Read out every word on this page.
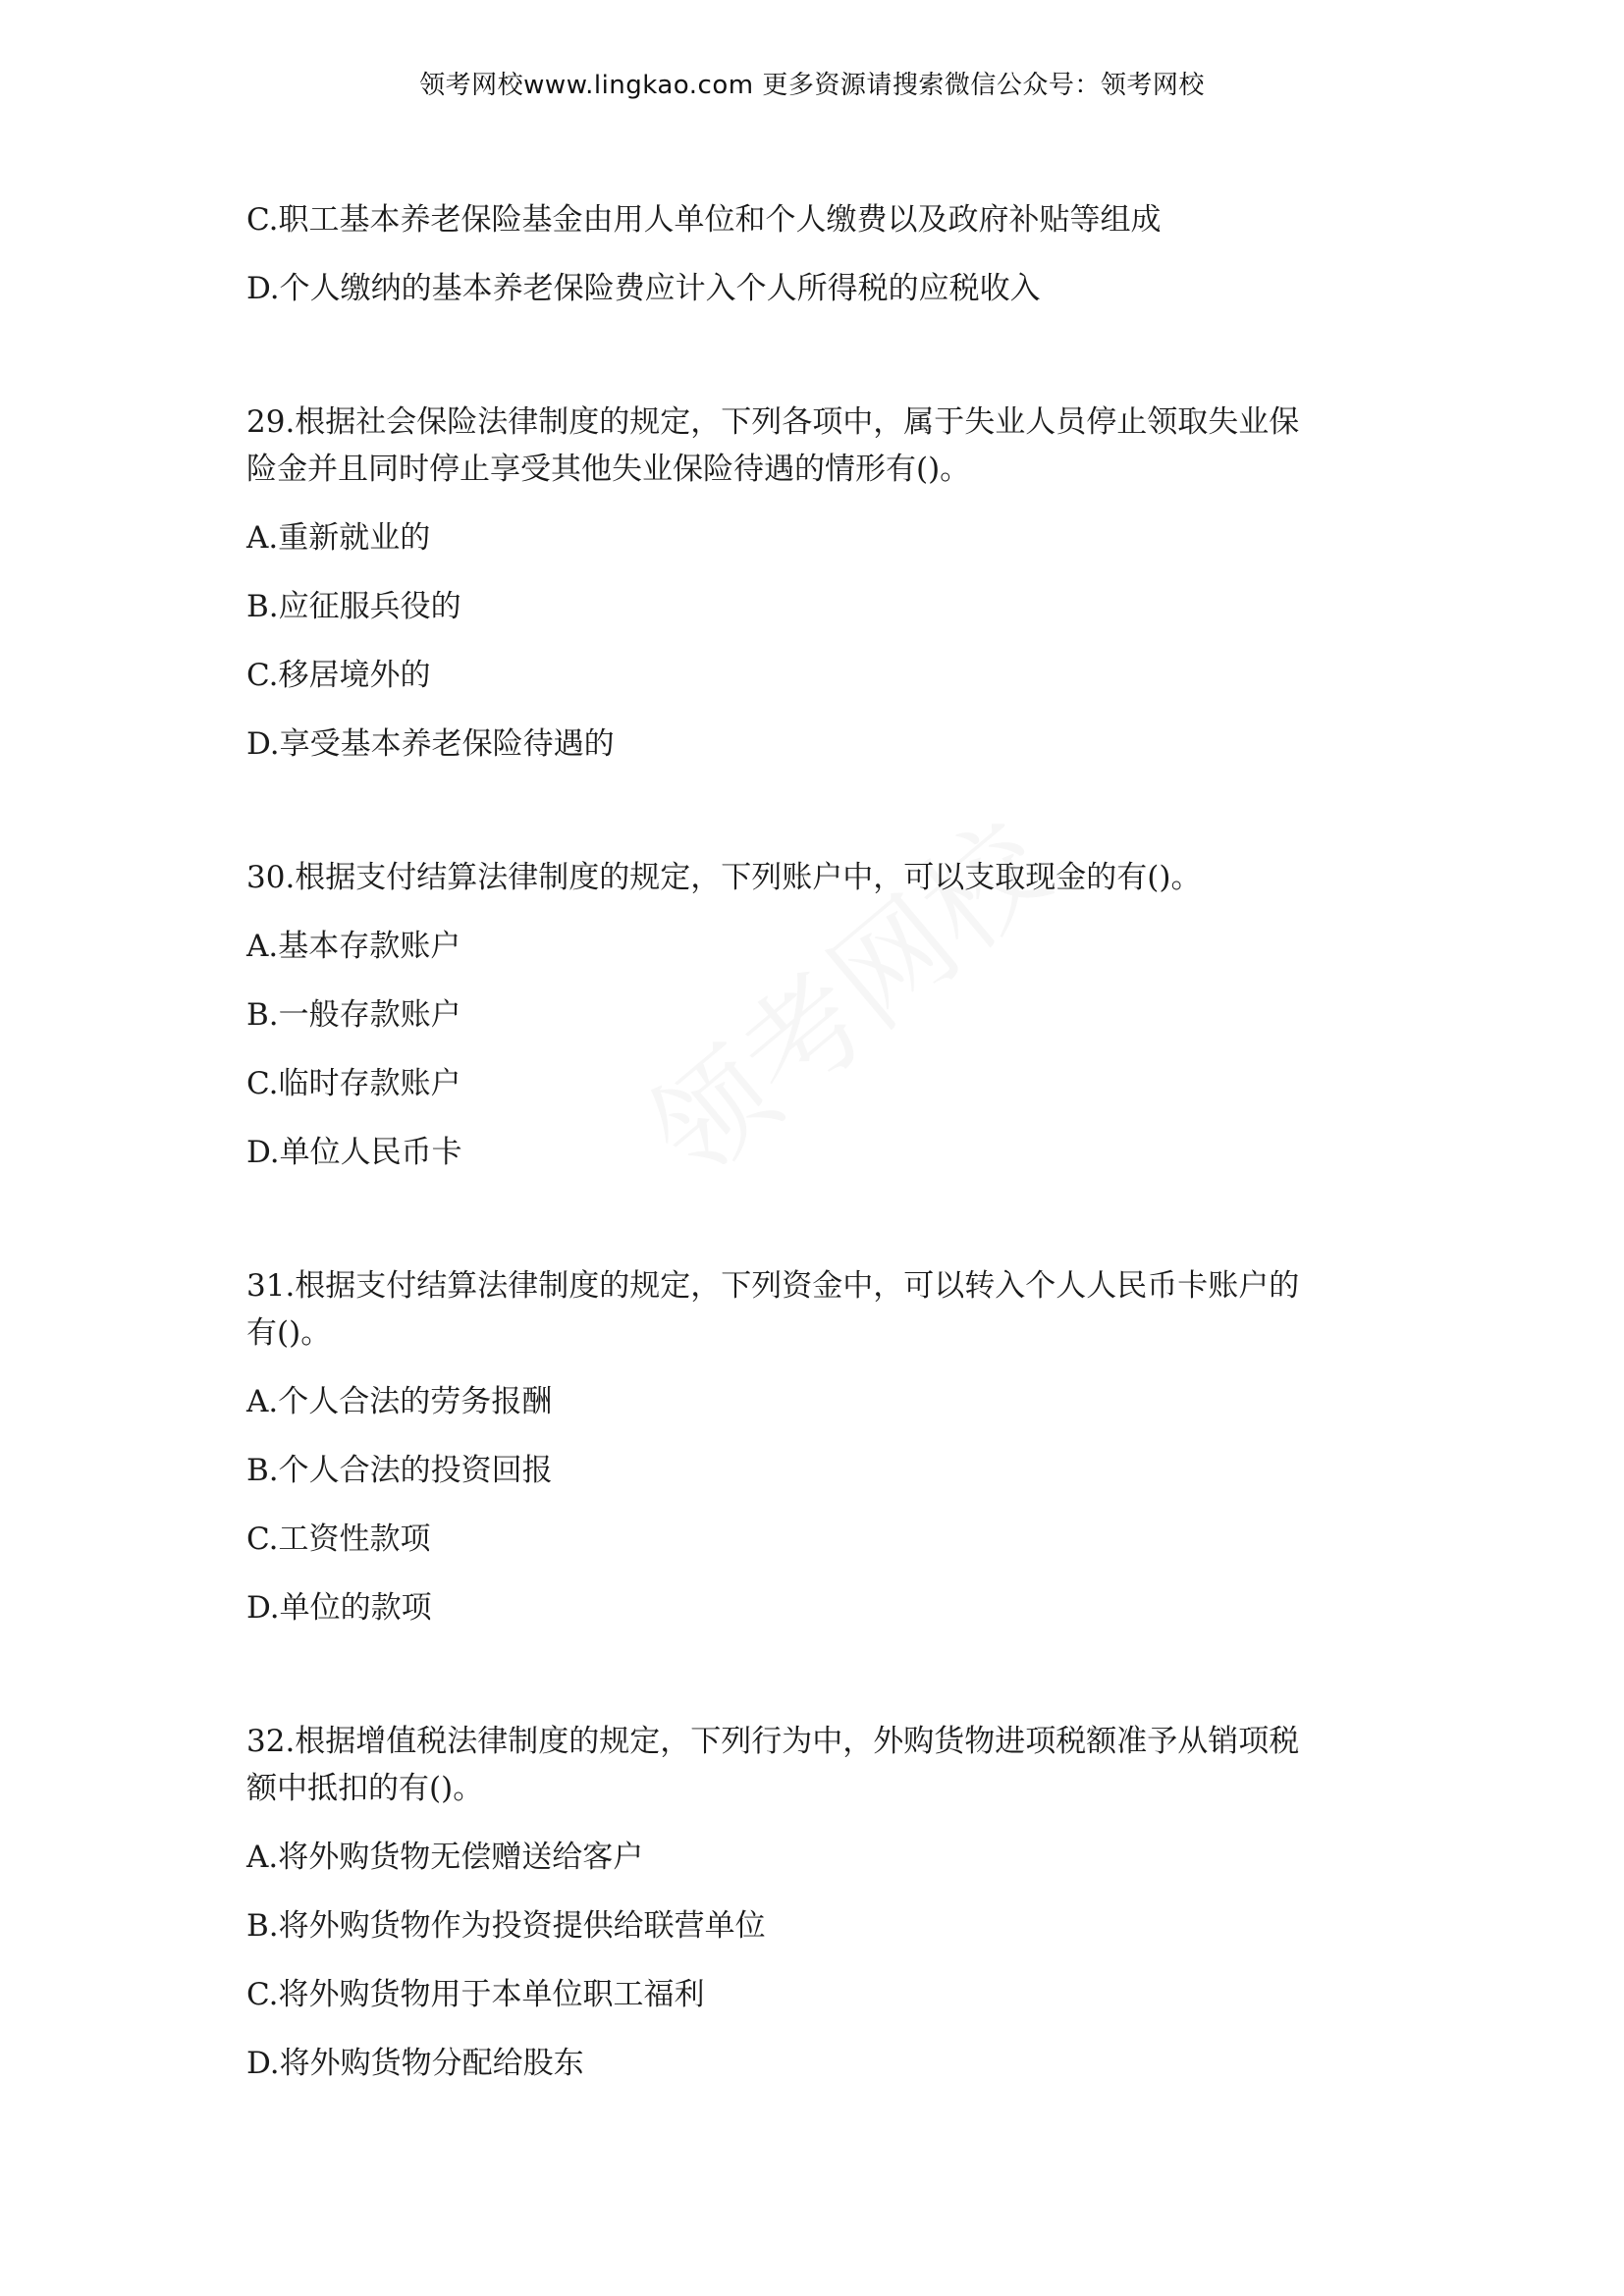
领考网校www.lingkao.com 更多资源请搜索微信公众号：领考网校

C.职工基本养老保险基金由用人单位和个人缴费以及政府补贴等组成

D.个人缴纳的基本养老保险费应计入个人所得税的应税收入

29.根据社会保险法律制度的规定，下列各项中，属于失业人员停止领取失业保

险金并且同时停止享受其他失业保险待遇的情形有()。

A.重新就业的

B.应征服兵役的

C.移居境外的

D.享受基本养老保险待遇的

30.根据支付结算法律制度的规定，下列账户中，可以支取现金的有()。

A.基本存款账户

B.一般存款账户

C.临时存款账户

D.单位人民币卡

31.根据支付结算法律制度的规定，下列资金中，可以转入个人人民币卡账户的

有()。

A.个人合法的劳务报酬

B.个人合法的投资回报

C.工资性款项

D.单位的款项

32.根据增值税法律制度的规定，下列行为中，外购货物进项税额准予从销项税

额中抵扣的有()。

A.将外购货物无偿赠送给客户

B.将外购货物作为投资提供给联营单位

C.将外购货物用于本单位职工福利

D.将外购货物分配给股东
